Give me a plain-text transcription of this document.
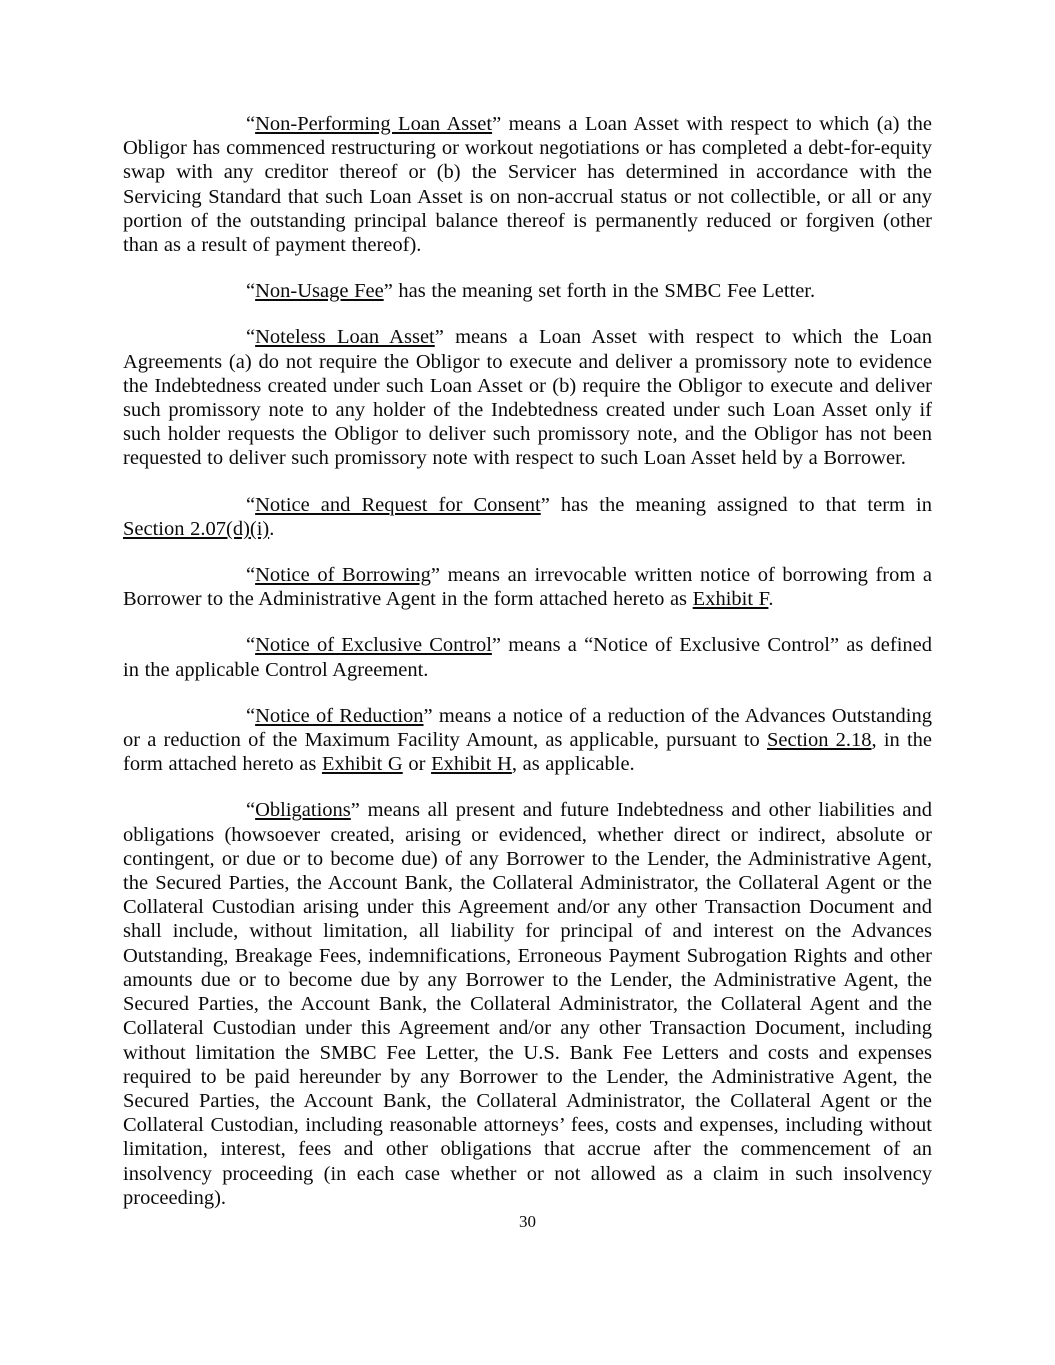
“Non-Performing Loan Asset” means a Loan Asset with respect to which (a) the Obligor has commenced restructuring or workout negotiations or has completed a debt-for-equity swap with any creditor thereof or (b) the Servicer has determined in accordance with the Servicing Standard that such Loan Asset is on non-accrual status or not collectible, or all or any portion of the outstanding principal balance thereof is permanently reduced or forgiven (other than as a result of payment thereof).

“Non-Usage Fee” has the meaning set forth in the SMBC Fee Letter.

“Noteless Loan Asset” means a Loan Asset with respect to which the Loan Agreements (a) do not require the Obligor to execute and deliver a promissory note to evidence the Indebtedness created under such Loan Asset or (b) require the Obligor to execute and deliver such promissory note to any holder of the Indebtedness created under such Loan Asset only if such holder requests the Obligor to deliver such promissory note, and the Obligor has not been requested to deliver such promissory note with respect to such Loan Asset held by a Borrower.

“Notice and Request for Consent” has the meaning assigned to that term in Section 2.07(d)(i).

“Notice of Borrowing” means an irrevocable written notice of borrowing from a Borrower to the Administrative Agent in the form attached hereto as Exhibit F.

“Notice of Exclusive Control” means a “Notice of Exclusive Control” as defined in the applicable Control Agreement.

“Notice of Reduction” means a notice of a reduction of the Advances Outstanding or a reduction of the Maximum Facility Amount, as applicable, pursuant to Section 2.18, in the form attached hereto as Exhibit G or Exhibit H, as applicable.

“Obligations” means all present and future Indebtedness and other liabilities and obligations (howsoever created, arising or evidenced, whether direct or indirect, absolute or contingent, or due or to become due) of any Borrower to the Lender, the Administrative Agent, the Secured Parties, the Account Bank, the Collateral Administrator, the Collateral Agent or the Collateral Custodian arising under this Agreement and/or any other Transaction Document and shall include, without limitation, all liability for principal of and interest on the Advances Outstanding, Breakage Fees, indemnifications, Erroneous Payment Subrogation Rights and other amounts due or to become due by any Borrower to the Lender, the Administrative Agent, the Secured Parties, the Account Bank, the Collateral Administrator, the Collateral Agent and the Collateral Custodian under this Agreement and/or any other Transaction Document, including without limitation the SMBC Fee Letter, the U.S. Bank Fee Letters and costs and expenses required to be paid hereunder by any Borrower to the Lender, the Administrative Agent, the Secured Parties, the Account Bank, the Collateral Administrator, the Collateral Agent or the Collateral Custodian, including reasonable attorneys’ fees, costs and expenses, including without limitation, interest, fees and other obligations that accrue after the commencement of an insolvency proceeding (in each case whether or not allowed as a claim in such insolvency proceeding).

30
